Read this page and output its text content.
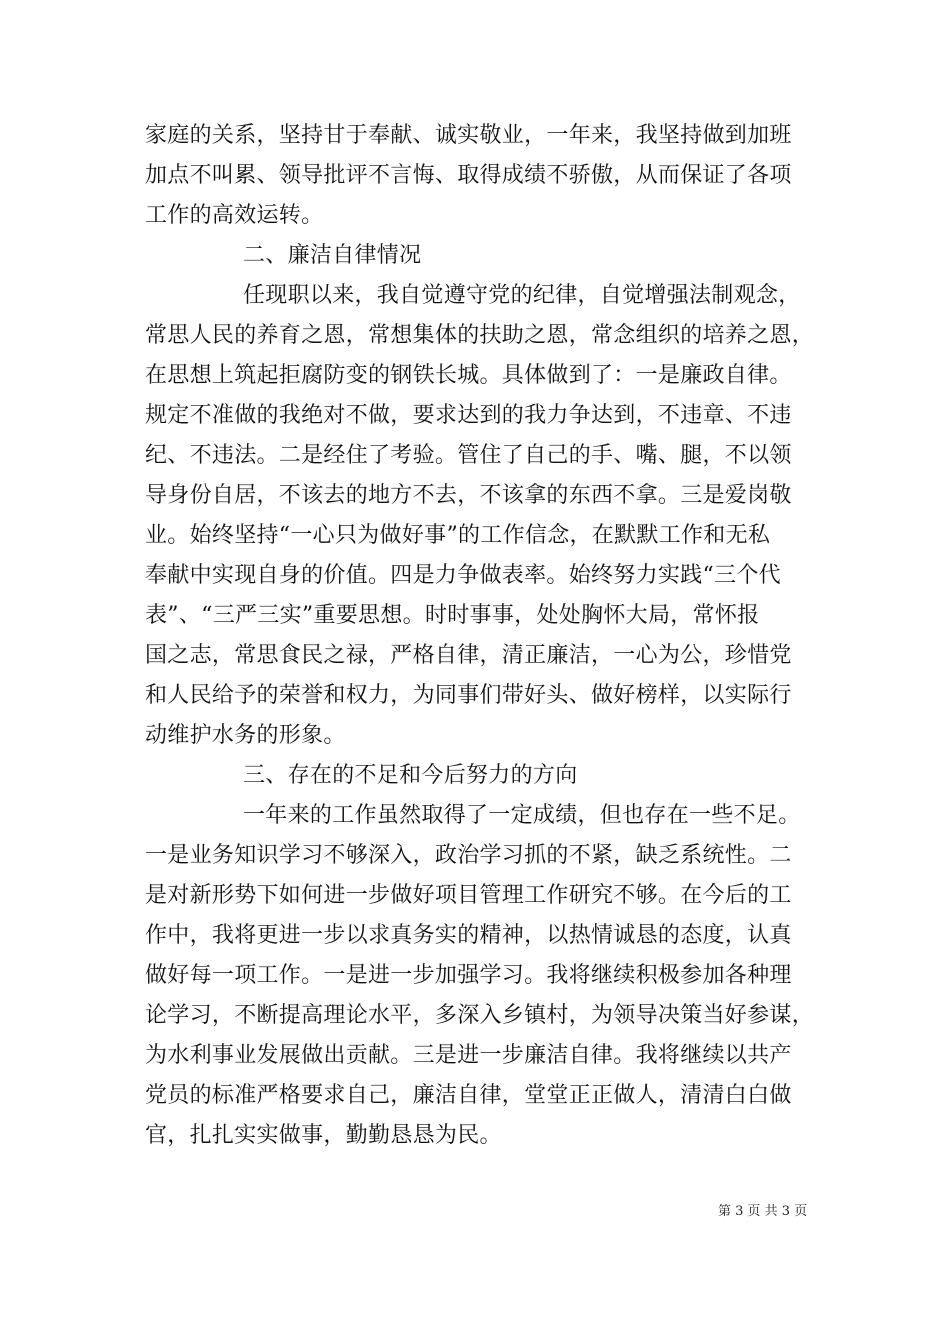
家庭的关系，坚持甘于奉献、诚实敬业，一年来，我坚持做到加班
加点不叫累、领导批评不言悔、取得成绩不骄傲，从而保证了各项
工作的高效运转。
二、廉洁自律情况
任现职以来，我自觉遵守党的纪律，自觉增强法制观念，
常思人民的养育之恩，常想集体的扶助之恩，常念组织的培养之恩，
在思想上筑起拒腐防变的钢铁长城。具体做到了：一是廉政自律。
规定不准做的我绝对不做，要求达到的我力争达到，不违章、不违
纪、不违法。二是经住了考验。管住了自己的手、嘴、腿，不以领
导身份自居，不该去的地方不去，不该拿的东西不拿。三是爱岗敬
业。始终坚持“一心只为做好事”的工作信念，在默默工作和无私
奉献中实现自身的价值。四是力争做表率。始终努力实践“三个代
表”、“三严三实”重要思想。时时事事，处处胸怀大局，常怀报
国之志，常思食民之禄，严格自律，清正廉洁，一心为公，珍惜党
和人民给予的荣誉和权力，为同事们带好头、做好榜样，以实际行
动维护水务的形象。
三、存在的不足和今后努力的方向
一年来的工作虽然取得了一定成绩，但也存在一些不足。
一是业务知识学习不够深入，政治学习抓的不紧，缺乏系统性。二
是对新形势下如何进一步做好项目管理工作研究不够。在今后的工
作中，我将更进一步以求真务实的精神，以热情诚恳的态度，认真
做好每一项工作。一是进一步加强学习。我将继续积极参加各种理
论学习，不断提高理论水平，多深入乡镇村，为领导决策当好参谋，
为水利事业发展做出贡献。三是进一步廉洁自律。我将继续以共产
党员的标准严格要求自己，廉洁自律，堂堂正正做人，清清白白做
官，扎扎实实做事，勤勤恳恳为民。
第 3 页 共 3 页
